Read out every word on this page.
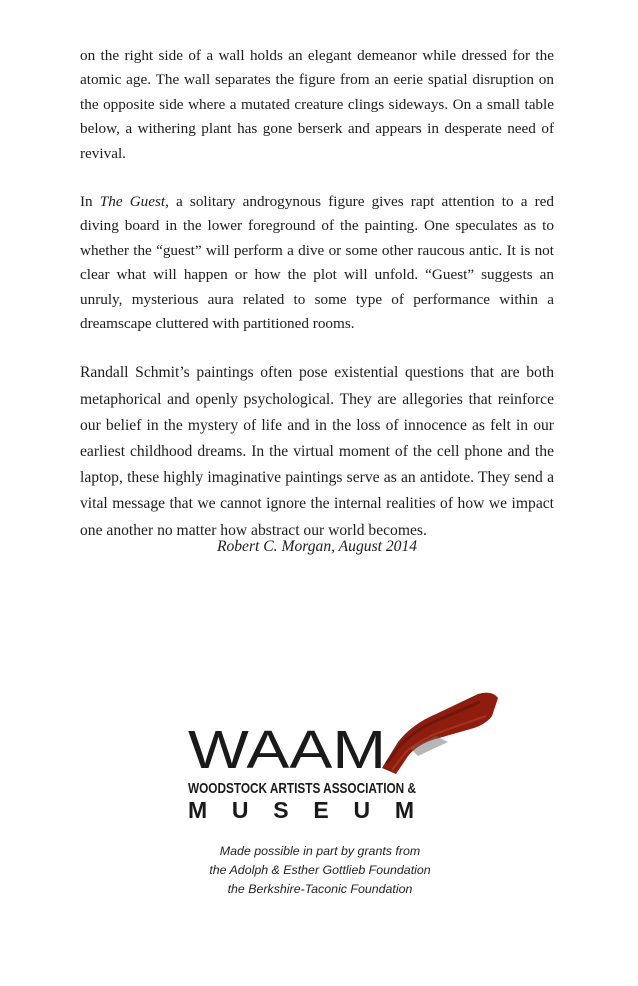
on the right side of a wall holds an elegant demeanor while dressed for the atomic age. The wall separates the figure from an eerie spatial disruption on the opposite side where a mutated creature clings sideways. On a small table below, a withering plant has gone berserk and appears in desperate need of revival.

In The Guest, a solitary androgynous figure gives rapt attention to a red diving board in the lower foreground of the painting. One speculates as to whether the “guest” will perform a dive or some other raucous antic. It is not clear what will happen or how the plot will unfold. “Guest” suggests an unruly, mysterious aura related to some type of performance within a dreamscape cluttered with partitioned rooms.

Randall Schmit’s paintings often pose existential questions that are both metaphorical and openly psychological. They are allegories that reinforce our belief in the mystery of life and in the loss of innocence as felt in our earliest childhood dreams. In the virtual moment of the cell phone and the laptop, these highly imaginative paintings serve as an antidote. They send a vital message that we cannot ignore the internal realities of how we impact one another no matter how abstract our world becomes.

Robert C. Morgan, August 2014
WAAM
WOODSTOCK ARTISTS ASSOCIATION &
M U S E U M
Made possible in part by grants from
the Adolph & Esther Gottlieb Foundation
the Berkshire-Taconic Foundation
